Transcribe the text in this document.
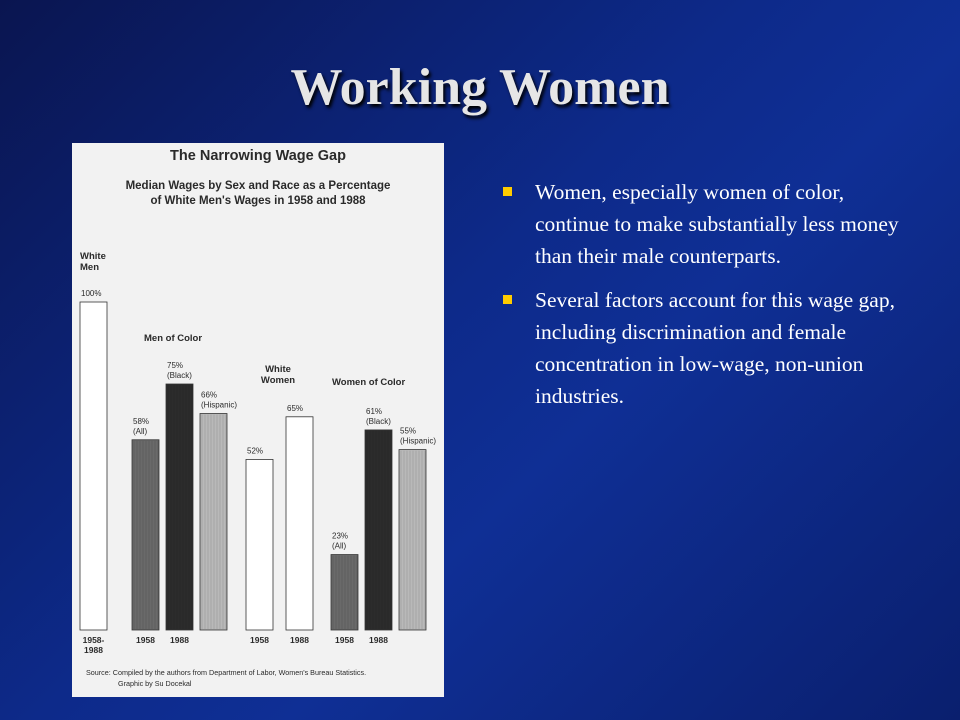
Working Women
The Narrowing Wage Gap
Median Wages by Sex and Race as a Percentage
of White Men's Wages in 1958 and 1988
White
Men
100%
1958-
1988
Men of Color
58%
(All)
1958
75%
(Black)
1988
66%
(Hispanic)
White
Women
52%
1958
65%
1988
Women of Color
23%
(All)
1958
61%
(Black)
1988
55%
(Hispanic)
Source: Compiled by the authors from Department of Labor, Women's Bureau Statistics.
Graphic by Su Docekal
Women, especially women of color, continue to make substantially less money than their male counterparts.
Several factors account for this wage gap, including discrimination and female concentration in low-wage, non-union industries.
